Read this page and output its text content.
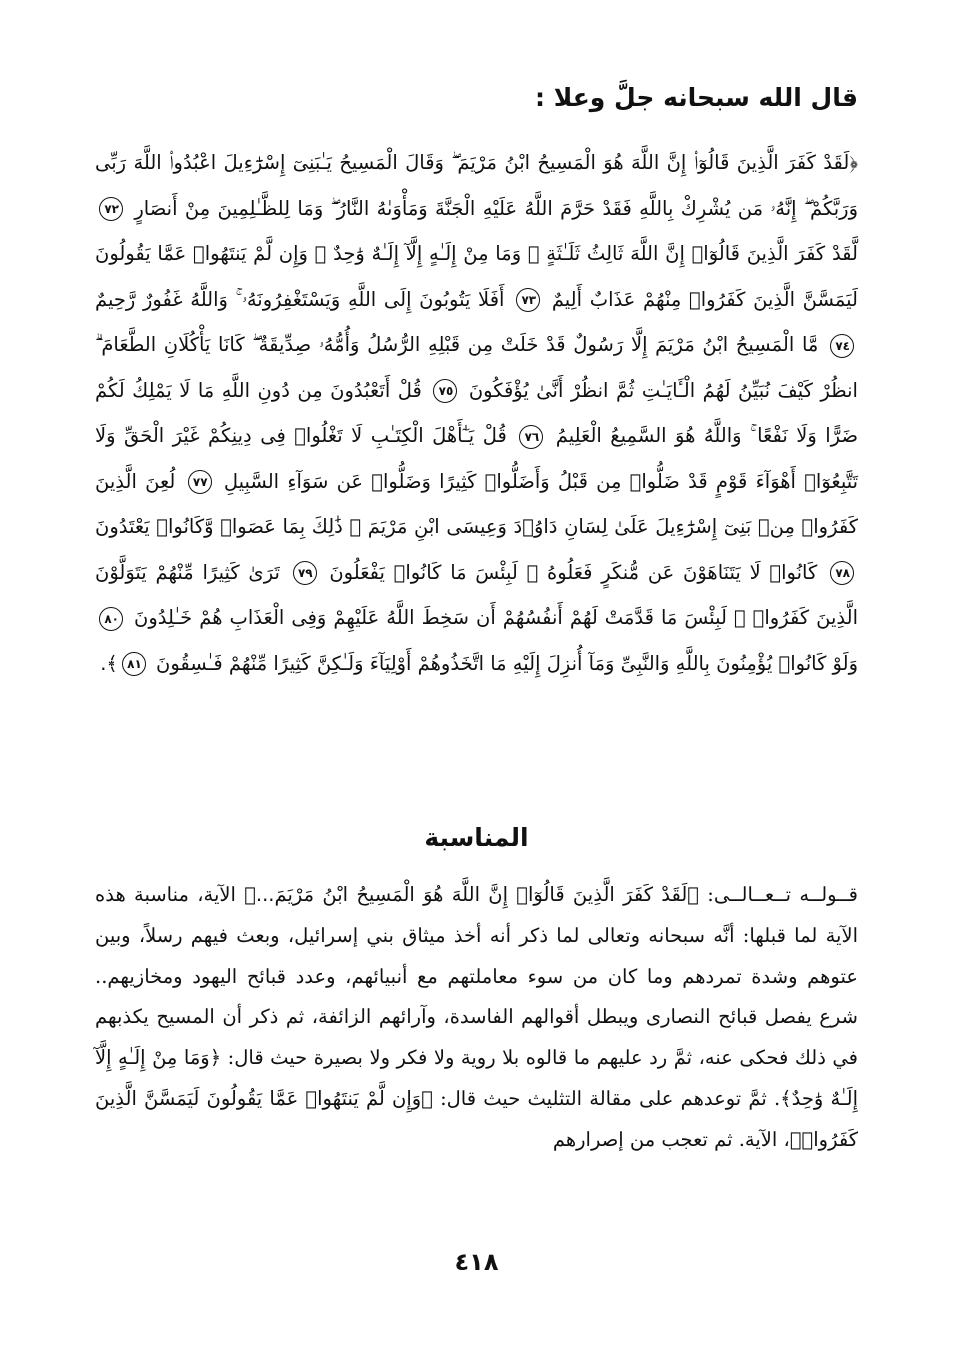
قال الله سبحانه جلَّ وعلا :

﴿لَقَدْ كَفَرَ الَّذِينَ قَالُوٓا۟ إِنَّ اللَّهَ هُوَ الْمَسِيحُ ابْنُ مَرْيَمَ ۖ وَقَالَ الْمَسِيحُ يَـٰبَنِىٓ إِسْرَٰٓءِيلَ اعْبُدُوا۟ اللَّهَ رَبِّى وَرَبَّكُمْ ۖ إِنَّهُۥ مَن يُشْرِكْ بِاللَّهِ فَقَدْ حَرَّمَ اللَّهُ عَلَيْهِ الْجَنَّةَ وَمَأْوَىٰهُ النَّارُ ۖ وَمَا لِلظَّـٰلِمِينَ مِنْ أَنصَارٍ ٧٢ لَّقَدْ كَفَرَ الَّذِينَ قَالُوٓا۟ إِنَّ اللَّهَ ثَالِثُ ثَلَـٰثَةٍ ۘ وَمَا مِنْ إِلَـٰهٍ إِلَّآ إِلَـٰهٌ وَٰحِدٌ ۚ وَإِن لَّمْ يَنتَهُوا۟ عَمَّا يَقُولُونَ لَيَمَسَّنَّ الَّذِينَ كَفَرُوا۟ مِنْهُمْ عَذَابٌ أَلِيمٌ ٧٣ أَفَلَا يَتُوبُونَ إِلَى اللَّهِ وَيَسْتَغْفِرُونَهُۥ ۚ وَاللَّهُ غَفُورٌ رَّحِيمٌ ٧٤ مَّا الْمَسِيحُ ابْنُ مَرْيَمَ إِلَّا رَسُولٌ قَدْ خَلَتْ مِن قَبْلِهِ الرُّسُلُ وَأُمُّهُۥ صِدِّيقَةٌ ۖ كَانَا يَأْكُلَانِ الطَّعَامَ ۗ انظُرْ كَيْفَ نُبَيِّنُ لَهُمُ الْـَٔايَـٰتِ ثُمَّ انظُرْ أَنَّىٰ يُؤْفَكُونَ ٧٥ قُلْ أَتَعْبُدُونَ مِن دُونِ اللَّهِ مَا لَا يَمْلِكُ لَكُمْ ضَرًّا وَلَا نَفْعًا ۚ وَاللَّهُ هُوَ السَّمِيعُ الْعَلِيمُ ٧٦ قُلْ يَـٰٓأَهْلَ الْكِتَـٰبِ لَا تَغْلُوا۟ فِى دِينِكُمْ غَيْرَ الْحَقِّ وَلَا تَتَّبِعُوٓا۟ أَهْوَآءَ قَوْمٍ قَدْ ضَلُّوا۟ مِن قَبْلُ وَأَضَلُّوا۟ كَثِيرًا وَضَلُّوا۟ عَن سَوَآءِ السَّبِيلِ ٧٧ لُعِنَ الَّذِينَ كَفَرُوا۟ مِنۢ بَنِىٓ إِسْرَٰٓءِيلَ عَلَىٰ لِسَانِ دَاوُۥدَ وَعِيسَى ابْنِ مَرْيَمَ ۚ ذَٰلِكَ بِمَا عَصَوا۟ وَّكَانُوا۟ يَعْتَدُونَ ٧٨ كَانُوا۟ لَا يَتَنَاهَوْنَ عَن مُّنكَرٍ فَعَلُوهُ ۚ لَبِئْسَ مَا كَانُوا۟ يَفْعَلُونَ ٧٩ تَرَىٰ كَثِيرًا مِّنْهُمْ يَتَوَلَّوْنَ الَّذِينَ كَفَرُوا۟ ۚ لَبِئْسَ مَا قَدَّمَتْ لَهُمْ أَنفُسُهُمْ أَن سَخِطَ اللَّهُ عَلَيْهِمْ وَفِى الْعَذَابِ هُمْ خَـٰلِدُونَ ٨٠ وَلَوْ كَانُوا۟ يُؤْمِنُونَ بِاللَّهِ وَالنَّبِىِّ وَمَآ أُنزِلَ إِلَيْهِ مَا اتَّخَذُوهُمْ أَوْلِيَآءَ وَلَـٰكِنَّ كَثِيرًا مِّنْهُمْ فَـٰسِقُونَ ٨١﴾.

المناسبة

قــولــه تــعــالــى: ﴿لَقَدْ كَفَرَ الَّذِينَ قَالُوٓا۟ إِنَّ اللَّهَ هُوَ الْمَسِيحُ ابْنُ مَرْيَمَ...﴾ الآية، مناسبة هذه الآية لما قبلها: أنَّه سبحانه وتعالى لما ذكر أنه أخذ ميثاق بني إسرائيل، وبعث فيهم رسلاً، وبين عتوهم وشدة تمردهم وما كان من سوء معاملتهم مع أنبيائهم، وعدد قبائح اليهود ومخازيهم.. شرع يفصل قبائح النصارى ويبطل أقوالهم الفاسدة، وآرائهم الزائفة، ثم ذكر أن المسيح يكذبهم في ذلك فحكى عنه، ثمَّ رد عليهم ما قالوه بلا روية ولا فكر ولا بصيرة حيث قال: ﴿وَمَا مِنْ إِلَـٰهٍ إِلَّآ إِلَـٰهٌ وَٰحِدٌ﴾. ثمَّ توعدهم على مقالة التثليث حيث قال: ﴿وَإِن لَّمْ يَنتَهُوا۟ عَمَّا يَقُولُونَ لَيَمَسَّنَّ الَّذِينَ كَفَرُوا۟﴾، الآية. ثم تعجب من إصرارهم

٤١٨
